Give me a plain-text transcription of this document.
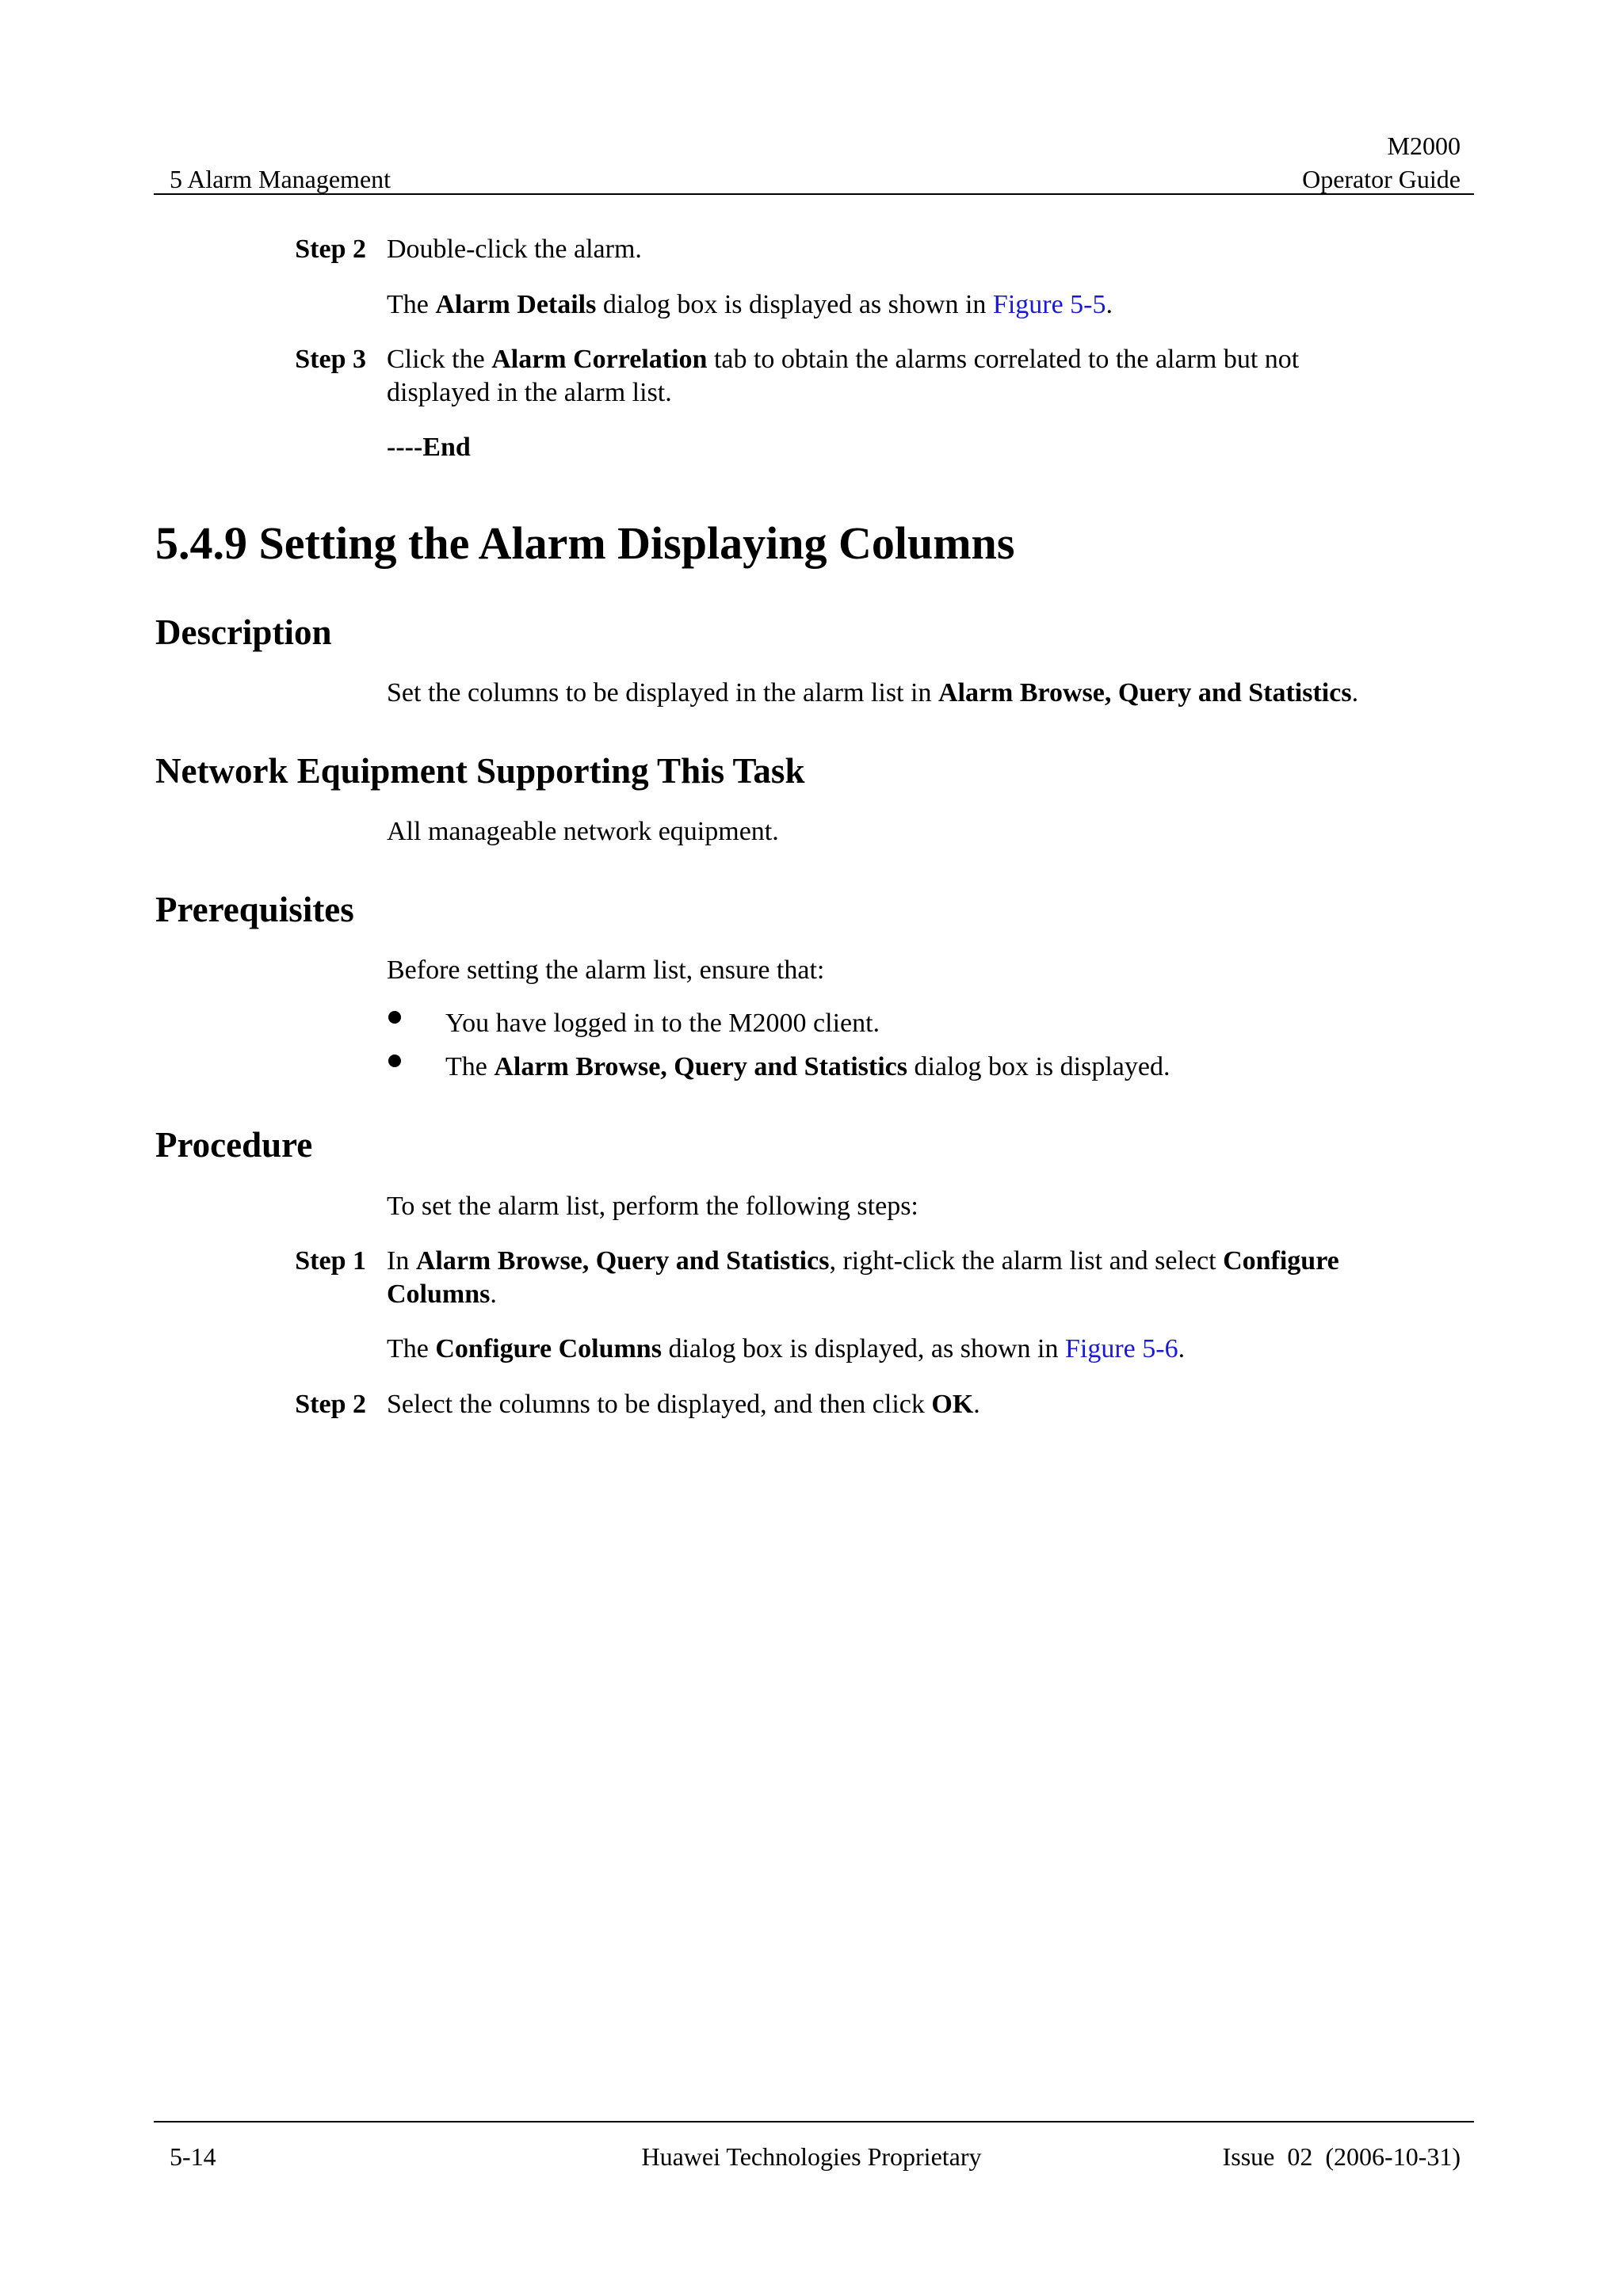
5 Alarm Management
M2000
Operator Guide
Step 2 Double-click the alarm.
The Alarm Details dialog box is displayed as shown in Figure 5-5.
Step 3 Click the Alarm Correlation tab to obtain the alarms correlated to the alarm but not
displayed in the alarm list.
----End
5.4.9 Setting the Alarm Displaying Columns
Description
Set the columns to be displayed in the alarm list in Alarm Browse, Query and Statistics.
Network Equipment Supporting This Task
All manageable network equipment.
Prerequisites
Before setting the alarm list, ensure that:
You have logged in to the M2000 client.
The Alarm Browse, Query and Statistics dialog box is displayed.
Procedure
To set the alarm list, perform the following steps:
Step 1 In Alarm Browse, Query and Statistics, right-click the alarm list and select Configure
Columns.
The Configure Columns dialog box is displayed, as shown in Figure 5-6.
Step 2 Select the columns to be displayed, and then click OK.
5-14	Huawei Technologies Proprietary	Issue  02  (2006-10-31)
